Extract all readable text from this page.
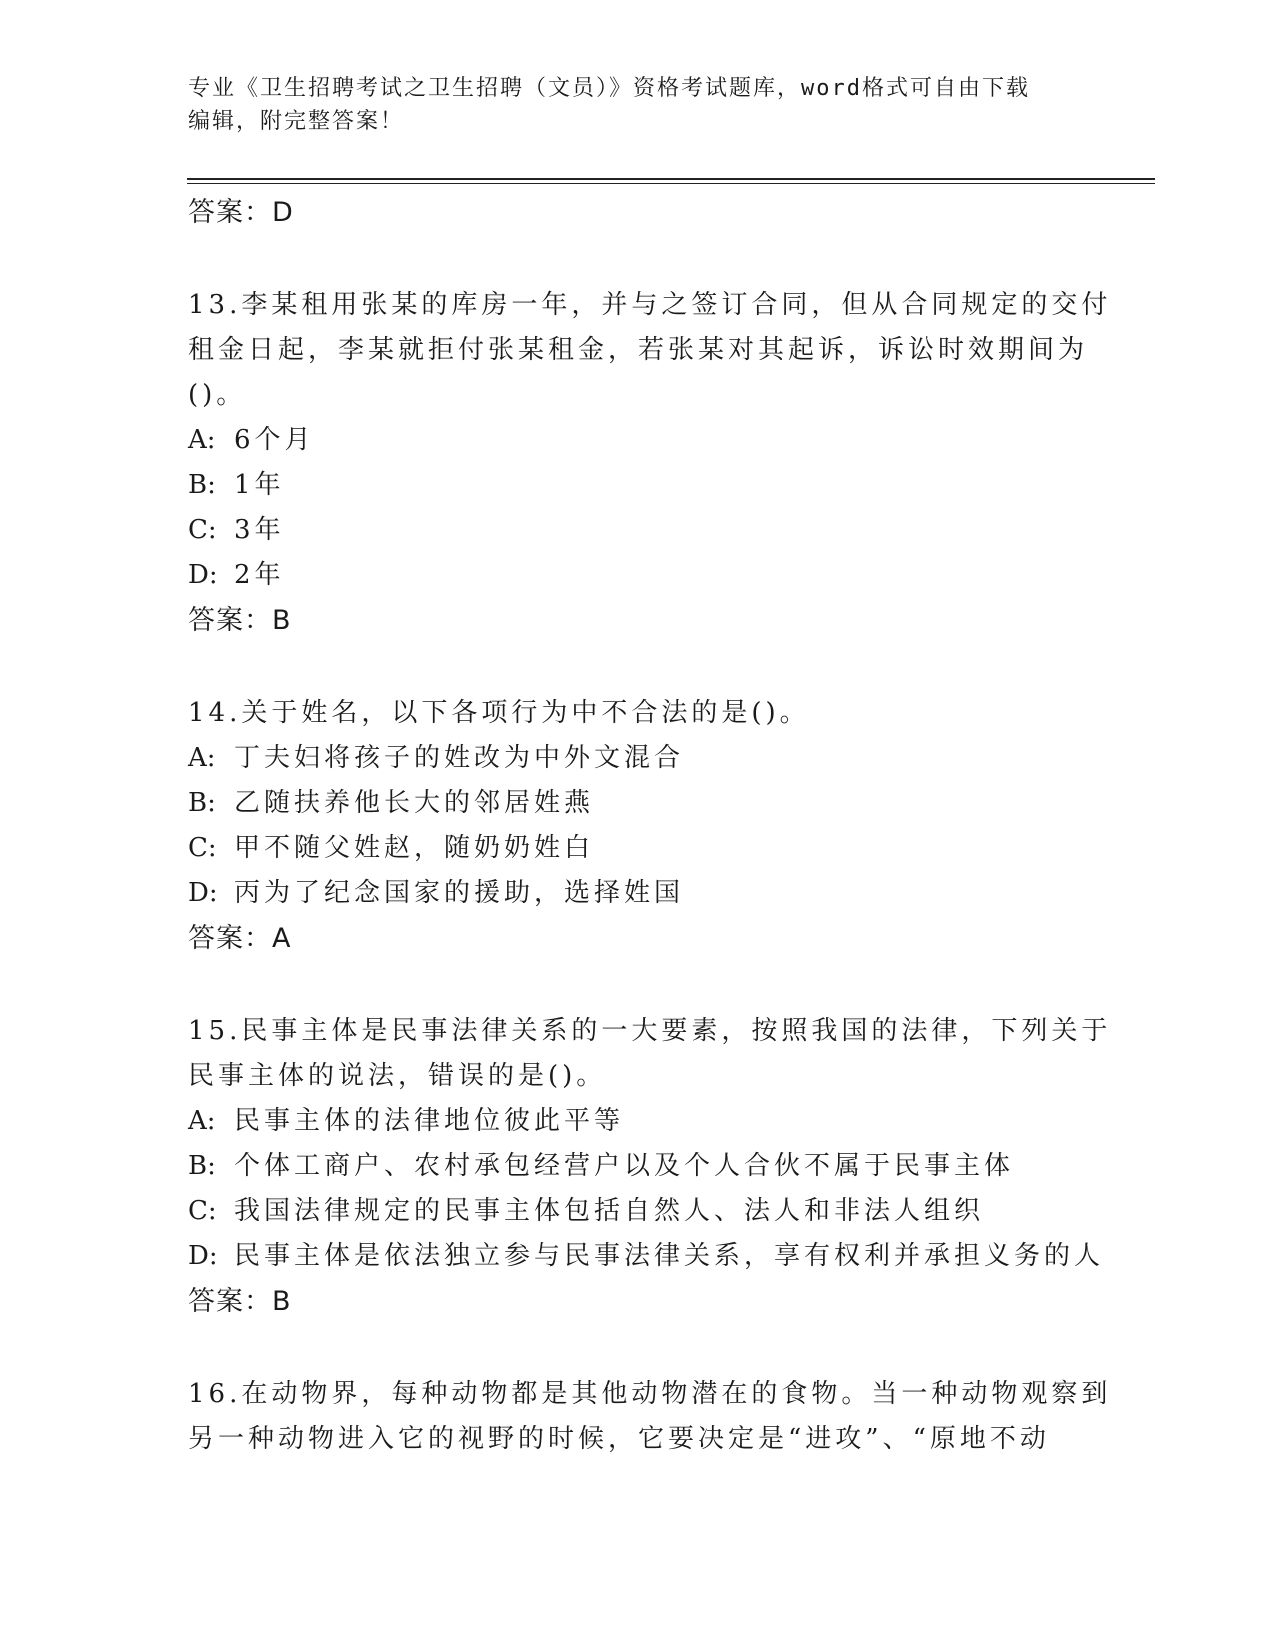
专业《卫生招聘考试之卫生招聘（文员）》资格考试题库，word格式可自由下载
编辑，附完整答案！
答案：D
13.李某租用张某的库房一年，并与之签订合同，但从合同规定的交付
租金日起，李某就拒付张某租金，若张某对其起诉，诉讼时效期间为
()。
A: 6个月
B: 1年
C: 3年
D: 2年
答案：B
14.关于姓名，以下各项行为中不合法的是()。
A: 丁夫妇将孩子的姓改为中外文混合
B: 乙随扶养他长大的邻居姓燕
C: 甲不随父姓赵，随奶奶姓白
D: 丙为了纪念国家的援助，选择姓国
答案：A
15.民事主体是民事法律关系的一大要素，按照我国的法律，下列关于
民事主体的说法，错误的是()。
A: 民事主体的法律地位彼此平等
B: 个体工商户、农村承包经营户以及个人合伙不属于民事主体
C: 我国法律规定的民事主体包括自然人、法人和非法人组织
D: 民事主体是依法独立参与民事法律关系，享有权利并承担义务的人
答案：B
16.在动物界，每种动物都是其他动物潜在的食物。当一种动物观察到
另一种动物进入它的视野的时候，它要决定是“进攻”、“原地不动
